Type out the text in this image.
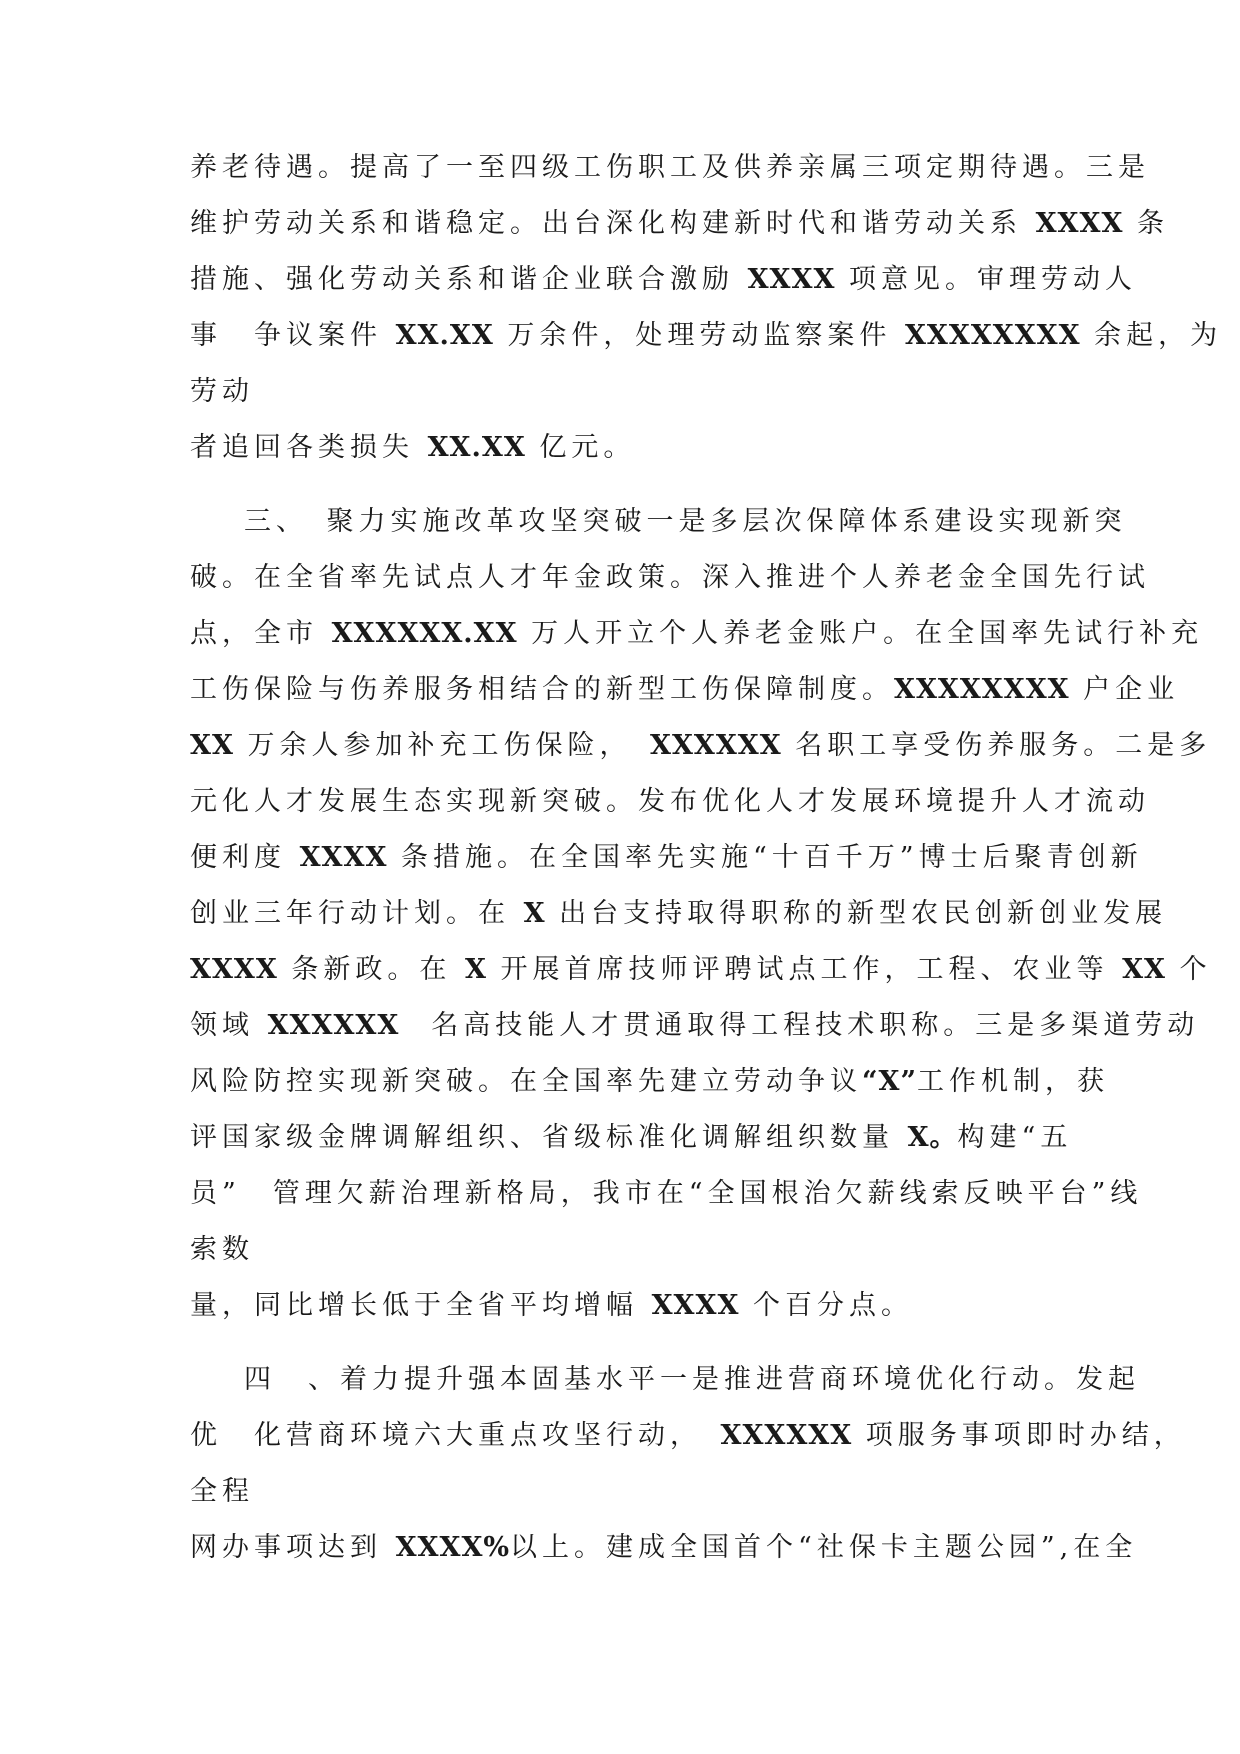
养老待遇。提高了一至四级工伤职工及供养亲属三项定期待遇。三是

维护劳动关系和谐稳定。出台深化构建新时代和谐劳动关系 XXXX 条

措施、强化劳动关系和谐企业联合激励 XXXX 项意见。审理劳动人

事　争议案件 XX.XX 万余件，处理劳动监察案件 XXXXXXXX 余起，为

劳动

者追回各类损失 XX.XX 亿元。

三、　聚力实施改革攻坚突破一是多层次保障体系建设实现新突

破。在全省率先试点人才年金政策。深入推进个人养老金全国先行试

点，全市 XXXXXX.XX 万人开立个人养老金账户。在全国率先试行补充

工伤保险与伤养服务相结合的新型工伤保障制度。XXXXXXXX 户企业

XX 万余人参加补充工伤保险，　XXXXXX 名职工享受伤养服务。二是多

元化人才发展生态实现新突破。发布优化人才发展环境提升人才流动

便利度 XXXX 条措施。在全国率先实施“十百千万”博士后聚青创新

创业三年行动计划。在 X 出台支持取得职称的新型农民创新创业发展

XXXX 条新政。在 X 开展首席技师评聘试点工作，工程、农业等 XX 个

领域 XXXXXX　名高技能人才贯通取得工程技术职称。三是多渠道劳动

风险防控实现新突破。在全国率先建立劳动争议“X”工作机制，获

评国家级金牌调解组织、省级标准化调解组织数量 X。构建“五

员”　管理欠薪治理新格局，我市在“全国根治欠薪线索反映平台”线

索数

量，同比增长低于全省平均增幅 XXXX 个百分点。

四　、着力提升强本固基水平一是推进营商环境优化行动。发起

优　化营商环境六大重点攻坚行动，　XXXXXX 项服务事项即时办结，

全程

网办事项达到 XXXX%以上。建成全国首个“社保卡主题公园”,在全
